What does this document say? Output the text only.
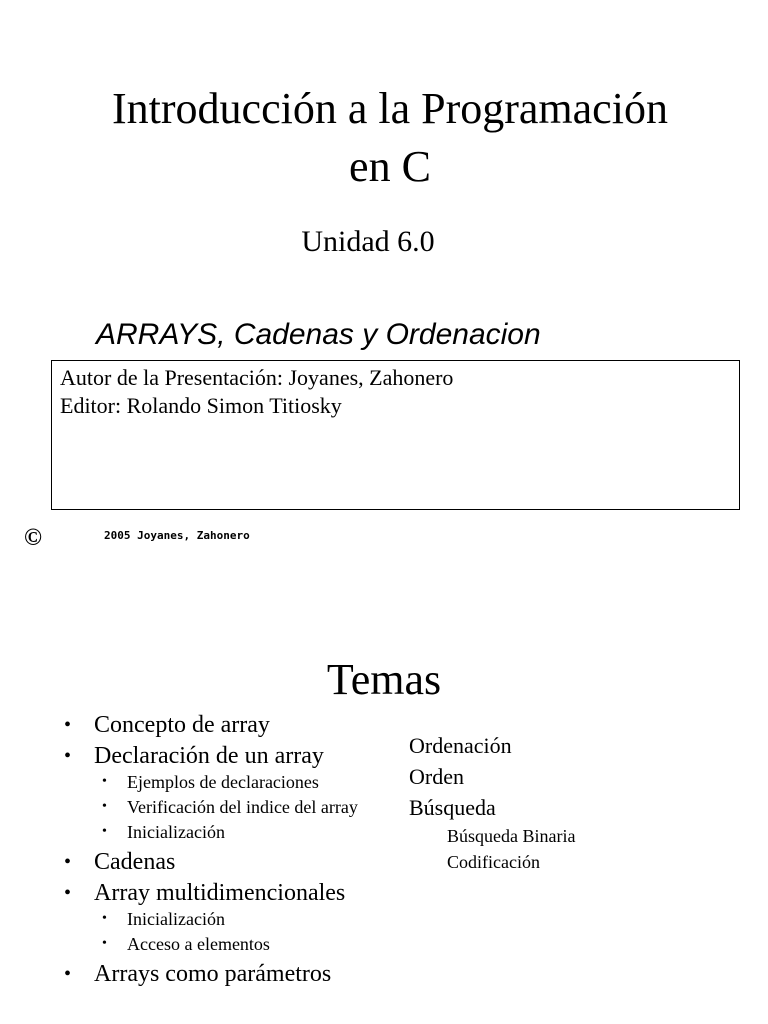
Introducción a la Programación
en C
Unidad 6.0
ARRAYS, Cadenas y Ordenacion
Autor de la Presentación: Joyanes, Zahonero
Editor: Rolando Simon Titiosky
©	2005 Joyanes, Zahonero
Temas
• Concepto de array
• Declaración de un array
• Ejemplos de declaraciones
• Verificación del indice del array
• Inicialización
• Cadenas
• Array multidimencionales
• Inicialización
• Acceso a elementos
• Arrays como parámetros
Ordenación
Orden
Búsqueda
Búsqueda Binaria
Codificación
